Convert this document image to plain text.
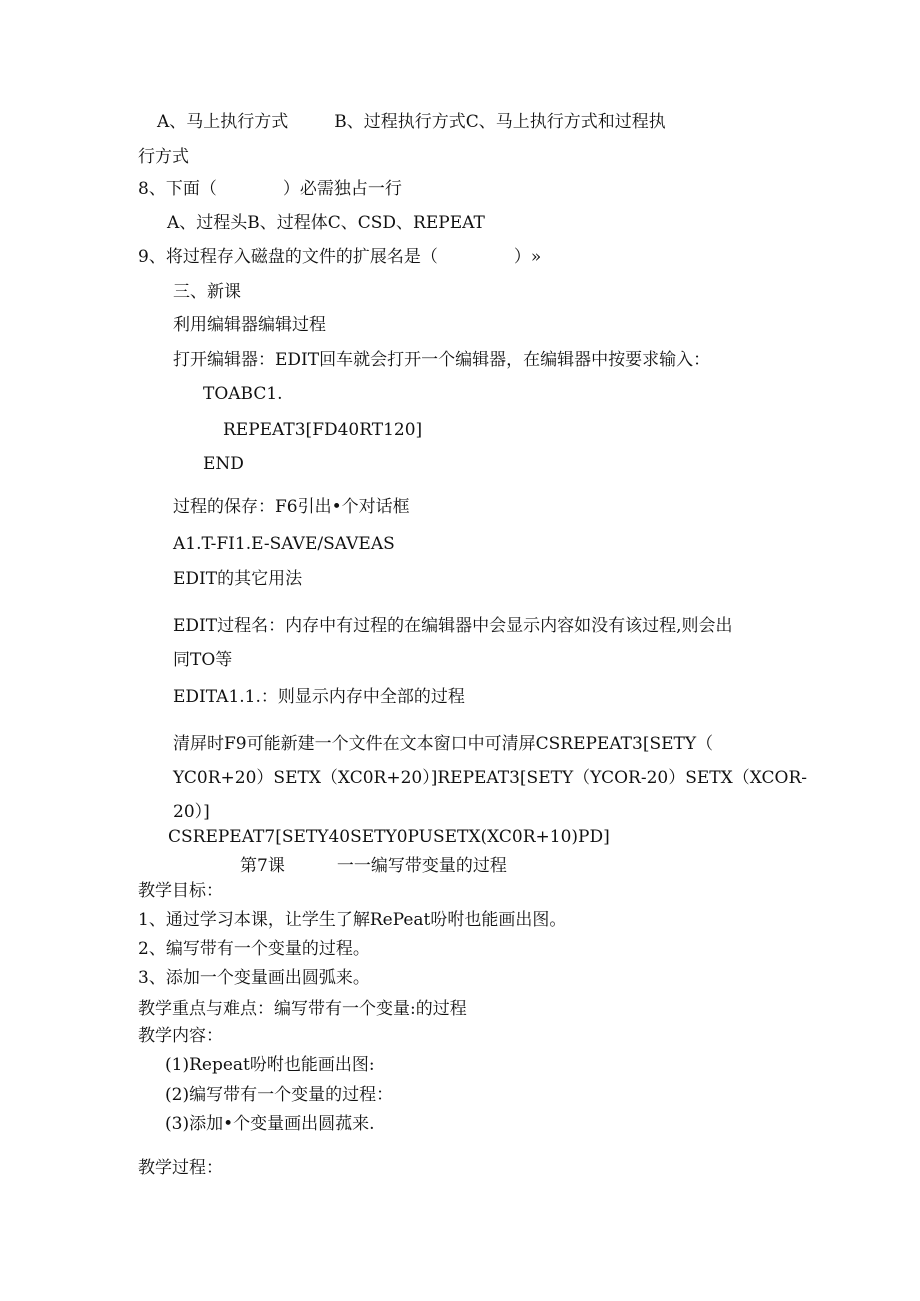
A、马上执行方式	B、过程执行方式C、马上执行方式和过程执
行方式
8、下面（	）必需独占一行
A、过程头B、过程体C、CSD、REPEAT
9、将过程存入磁盘的文件的扩展名是（	）»
三、新课
利用编辑器编辑过程
打开编辑器：EDIT回车就会打开一个编辑器，在编辑器中按要求输入：
TOABC1.
REPEAT3[FD40RT120]
END
过程的保存：F6引出•个对话框
A1.T-FI1.E-SAVE/SAVEAS
EDIT的其它用法
EDIT过程名：内存中有过程的在编辑器中会显示内容如没有该过程,则会出
同TO等
EDITA1.1.：则显示内存中全部的过程
清屏时F9可能新建一个文件在文本窗口中可清屏CSREPEAT3[SETY（
YC0R+20）SETX（XC0R+20）]REPEAT3[SETY（YCOR-20）SETX（XCOR-
20）]
CSREPEAT7[SETY40SETY0PUSETX(XC0R+10)PD]
第7课	一一编写带变量的过程
教学目标：
1、通过学习本课，让学生了解RePeat吩咐也能画出图。
2、编写带有一个变量的过程。
3、添加一个变量画出圆弧来。
教学重点与难点：编写带有一个变量:的过程
教学内容：
(1)Repeat吩咐也能画出图:
(2)编写带有一个变量的过程：
(3)添加•个变量画出圆菰来.
教学过程：
